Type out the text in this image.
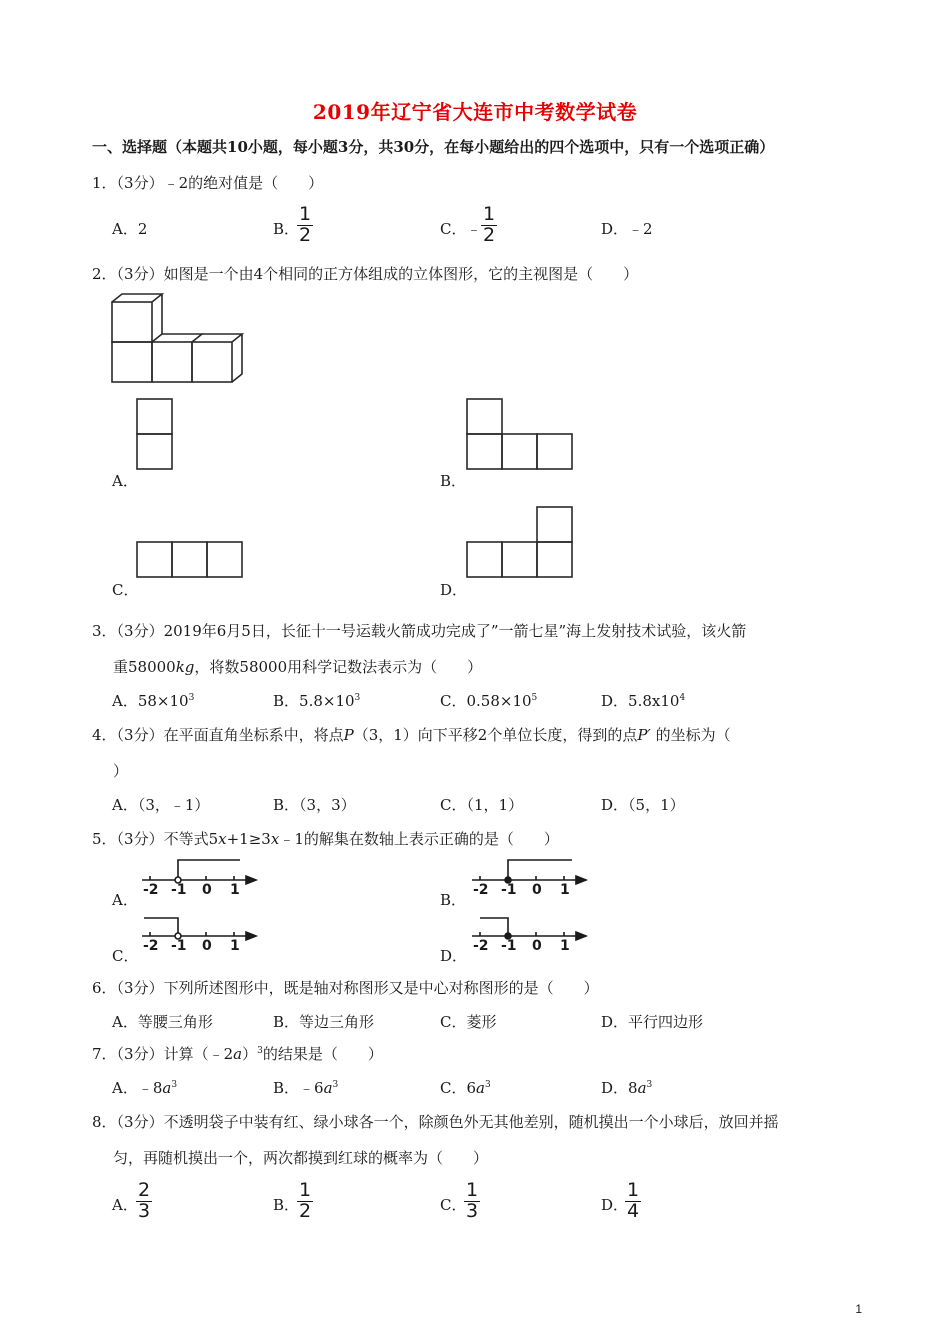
2019年辽宁省大连市中考数学试卷
一、选择题（本题共10小题，每小题3分，共30分，在每小题给出的四个选项中，只有一个选项正确）
1．（3分）﹣2的绝对值是（　　）
A．2	B．
$\frac{1}{2}$	C．﹣ $\frac{1}{2}$	D．﹣2
2．（3分）如图是一个由4个相同的正方体组成的立体图形，它的主视图是（　　）
A．	B．
C．	D．
3．（3分）2019年6月5日，长征十一号运载火箭成功完成了”一箭七星”海上发射技术试验，该火箭
重58000kg，将数58000用科学记数法表示为（　　）
A．$58\times 10^3$	B．$5.8\times 10^3$	C．$0.58\times 10^5$	D．$5.8x10^4$
4．（3分）在平面直角坐标系中，将点P（3，1）向下平移2个单位长度，得到的点P′ 的坐标为（
）
A．（3，﹣1）	B．（3，3）	C．（1，1）	D．（5，1）
5．（3分）不等式5x+1≥3x﹣1的解集在数轴上表示正确的是（　　）
-2 -1 0 1
A．
-2 -1 0 1
B．
-2 -1 0 1
C．
-2 -1 0 1
D．
6．（3分）下列所述图形中，既是轴对称图形又是中心对称图形的是（　　）
A．等腰三角形	B．等边三角形	C．菱形	D．平行四边形
7．（3分）计算（﹣2a）$^3$的结果是（　　）
A．$﹣8a^3$	B．$﹣6a^3$	C．$6a^3$	D．$8a^3$
8．（3分）不透明袋子中装有红、绿小球各一个，除颜色外无其他差别，随机摸出一个小球后，放回并摇
匀，再随机摸出一个，两次都摸到红球的概率为（　　）
A．
$\frac{2}{3}$	B．
$\frac{1}{2}$	C．
$\frac{1}{3}$	D．
$\frac{1}{4}$
1
